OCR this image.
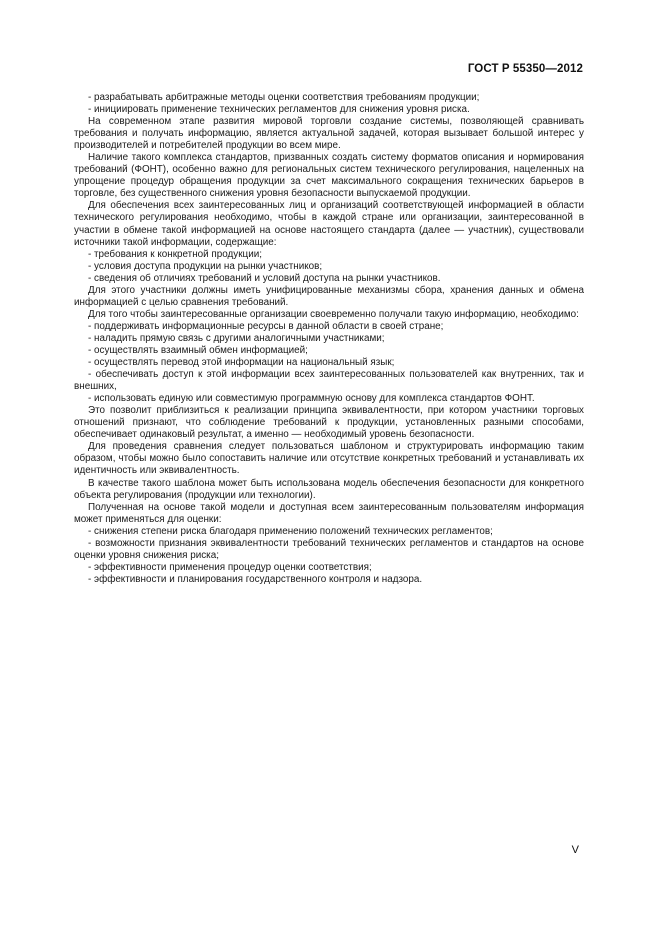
ГОСТ Р 55350—2012

- разрабатывать арбитражные методы оценки соответствия требованиям продукции;

- инициировать применение технических регламентов для снижения уровня риска.

На современном этапе развития мировой торговли создание системы, позволяющей сравнивать требования и получать информацию, является актуальной задачей, которая вызывает большой интерес у производителей и потребителей продукции во всем мире.

Наличие такого комплекса стандартов, призванных создать систему форматов описания и нормирования требований (ФОНТ), особенно важно для региональных систем технического регулирования, нацеленных на упрощение процедур обращения продукции за счет максимального сокращения технических барьеров в торговле, без существенного снижения уровня безопасности выпускаемой продукции.

Для обеспечения всех заинтересованных лиц и организаций соответствующей информацией в области технического регулирования необходимо, чтобы в каждой стране или организации, заинтересованной в участии в обмене такой информацией на основе настоящего стандарта (далее — участник), существовали источники такой информации, содержащие:

- требования к конкретной продукции;

- условия доступа продукции на рынки участников;

- сведения об отличиях требований и условий доступа на рынки участников.

Для этого участники должны иметь унифицированные механизмы сбора, хранения данных и обмена информацией с целью сравнения требований.

Для того чтобы заинтересованные организации своевременно получали такую информацию, необходимо:

- поддерживать информационные ресурсы в данной области в своей стране;

- наладить прямую связь с другими аналогичными участниками;

- осуществлять взаимный обмен информацией;

- осуществлять перевод этой информации на национальный язык;

- обеспечивать доступ к этой информации всех заинтересованных пользователей как внутренних, так и внешних,

- использовать единую или совместимую программную основу для комплекса стандартов ФОНТ.

Это позволит приблизиться к реализации принципа эквивалентности, при котором участники торговых отношений признают, что соблюдение требований к продукции, установленных разными способами, обеспечивает одинаковый результат, а именно — необходимый уровень безопасности.

Для проведения сравнения следует пользоваться шаблоном и структурировать информацию таким образом, чтобы можно было сопоставить наличие или отсутствие конкретных требований и устанавливать их идентичность или эквивалентность.

В качестве такого шаблона может быть использована модель обеспечения безопасности для конкретного объекта регулирования (продукции или технологии).

Полученная на основе такой модели и доступная всем заинтересованным пользователям информация может применяться для оценки:

- снижения степени риска благодаря применению положений технических регламентов;

- возможности признания эквивалентности требований технических регламентов и стандартов на основе оценки уровня снижения риска;

- эффективности применения процедур оценки соответствия;

- эффективности и планирования государственного контроля и надзора.

V
